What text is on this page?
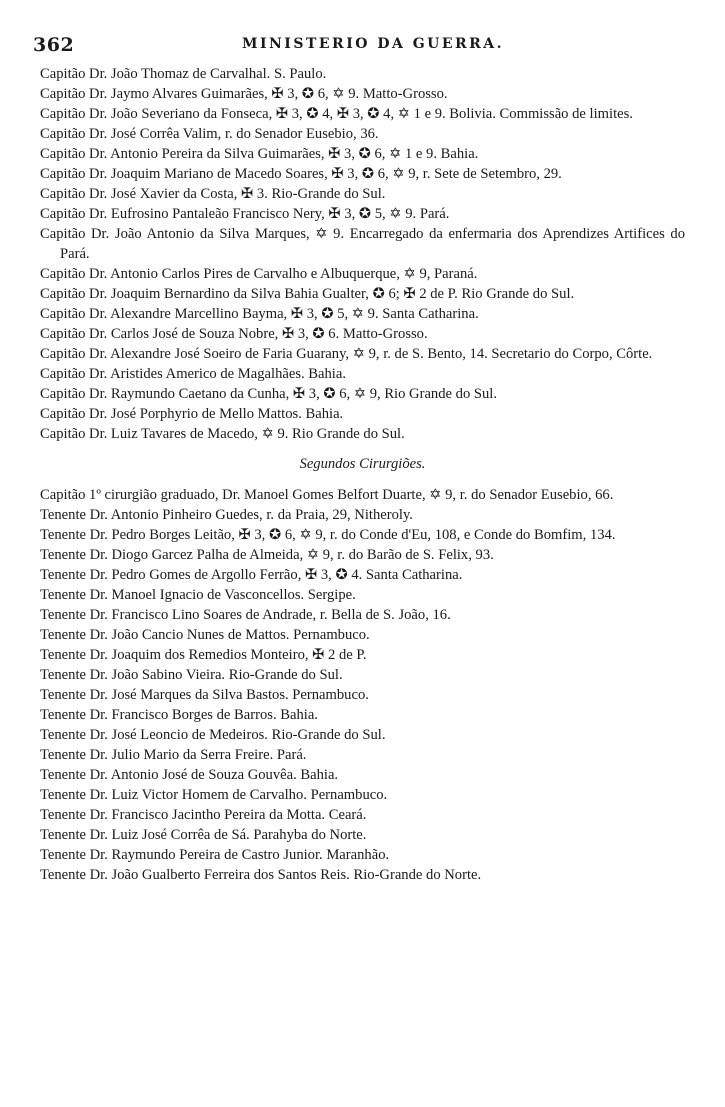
362	MINISTERIO DA GUERRA.

Capitão Dr. João Thomaz de Carvalhal. S. Paulo.

Capitão Dr. Jaymo Alvares Guimarães, ✠ 3, ✪ 6, ✡ 9. Matto-Grosso.

Capitão Dr. João Severiano da Fonseca, ✠ 3, ✪ 4, ✠ 3, ✪ 4, ✡ 1 e 9. Bolivia. Commissão de limites.

Capitão Dr. José Corrêa Valim, r. do Senador Eusebio, 36.

Capitão Dr. Antonio Pereira da Silva Guimarães, ✠ 3, ✪ 6, ✡ 1 e 9. Bahia.

Capitão Dr. Joaquim Mariano de Macedo Soares, ✠ 3, ✪ 6, ✡ 9, r. Sete de Setembro, 29.

Capitão Dr. José Xavier da Costa, ✠ 3. Rio-Grande do Sul.

Capitão Dr. Eufrosino Pantaleão Francisco Nery, ✠ 3, ✪ 5, ✡ 9. Pará.

Capitão Dr. João Antonio da Silva Marques, ✡ 9. Encarregado da enfermaria dos Aprendizes Artifices do Pará.

Capitão Dr. Antonio Carlos Pires de Carvalho e Albuquerque, ✡ 9, Paraná.

Capitão Dr. Joaquim Bernardino da Silva Bahia Gualter, ✪ 6; ✠ 2 de P. Rio Grande do Sul.

Capitão Dr. Alexandre Marcellino Bayma, ✠ 3, ✪ 5, ✡ 9. Santa Catharina.

Capitão Dr. Carlos José de Souza Nobre, ✠ 3, ✪ 6. Matto-Grosso.

Capitão Dr. Alexandre José Soeiro de Faria Guarany, ✡ 9, r. de S. Bento, 14. Secretario do Corpo, Côrte.

Capitão Dr. Aristides Americo de Magalhães. Bahia.

Capitão Dr. Raymundo Caetano da Cunha, ✠ 3, ✪ 6, ✡ 9, Rio Grande do Sul.

Capitão Dr. José Porphyrio de Mello Mattos. Bahia.

Capitão Dr. Luiz Tavares de Macedo, ✡ 9. Rio Grande do Sul.

Segundos Cirurgiões.

Capitão 1º cirurgião graduado, Dr. Manoel Gomes Belfort Duarte, ✡ 9, r. do Senador Eusebio, 66.

Tenente Dr. Antonio Pinheiro Guedes, r. da Praia, 29, Nitheroly.

Tenente Dr. Pedro Borges Leitão, ✠ 3, ✪ 6, ✡ 9, r. do Conde d'Eu, 108, e Conde do Bomfim, 134.

Tenente Dr. Diogo Garcez Palha de Almeida, ✡ 9, r. do Barão de S. Felix, 93.

Tenente Dr. Pedro Gomes de Argollo Ferrão, ✠ 3, ✪ 4. Santa Catharina.

Tenente Dr. Manoel Ignacio de Vasconcellos. Sergipe.

Tenente Dr. Francisco Lino Soares de Andrade, r. Bella de S. João, 16.

Tenente Dr. João Cancio Nunes de Mattos. Pernambuco.

Tenente Dr. Joaquim dos Remedios Monteiro, ✠ 2 de P.

Tenente Dr. João Sabino Vieira. Rio-Grande do Sul.

Tenente Dr. José Marques da Silva Bastos. Pernambuco.

Tenente Dr. Francisco Borges de Barros. Bahia.

Tenente Dr. José Leoncio de Medeiros. Rio-Grande do Sul.

Tenente Dr. Julio Mario da Serra Freire. Pará.

Tenente Dr. Antonio José de Souza Gouvêa. Bahia.

Tenente Dr. Luiz Victor Homem de Carvalho. Pernambuco.

Tenente Dr. Francisco Jacintho Pereira da Motta. Ceará.

Tenente Dr. Luiz José Corrêa de Sá. Parahyba do Norte.

Tenente Dr. Raymundo Pereira de Castro Junior. Maranhão.

Tenente Dr. João Gualberto Ferreira dos Santos Reis. Rio-Grande do Norte.
